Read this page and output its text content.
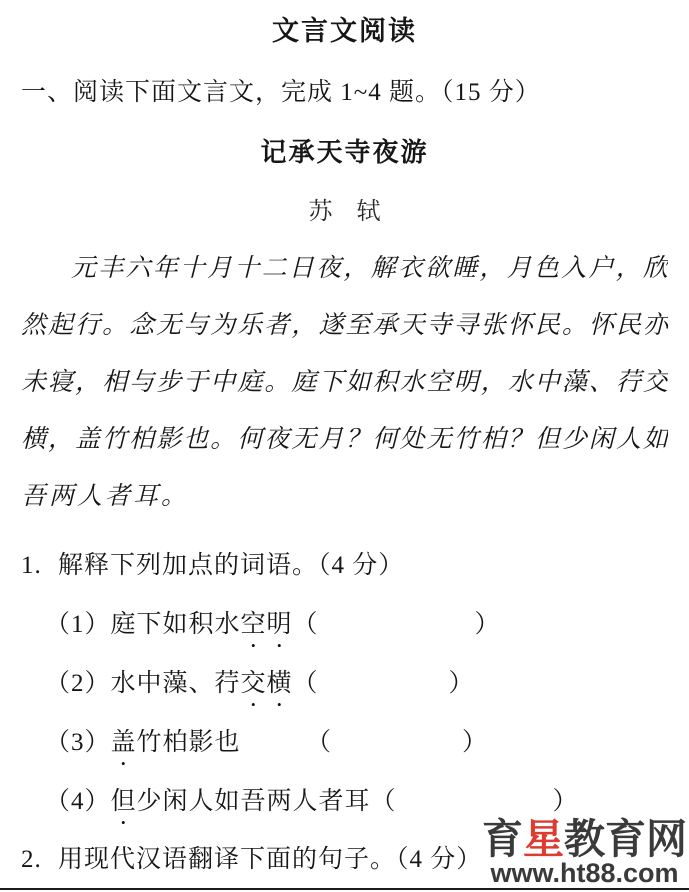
文言文阅读
一、阅读下面文言文，完成 1~4 题。（15 分）
记承天寺夜游
苏　轼
元丰六年十月十二日夜，解衣欲睡，月色入户，欣
然起行。念无与为乐者，遂至承天寺寻张怀民。怀民亦
未寝，相与步于中庭。庭下如积水空明，水中藻、荇交
横，盖竹柏影也。何夜无月？何处无竹柏？但少闲人如
吾两人者耳。
1. 解释下列加点的词语。（4 分）
（1）庭下如积水空明（　　　　　　）
（2）水中藻、荇交横（　　　　　）
（3）盖竹柏影也　　　（　　　　　）
（4）但少闲人如吾两人者耳（　　　　　　）
2. 用现代汉语翻译下面的句子。（4 分） 育星教育网
www.ht88.com
